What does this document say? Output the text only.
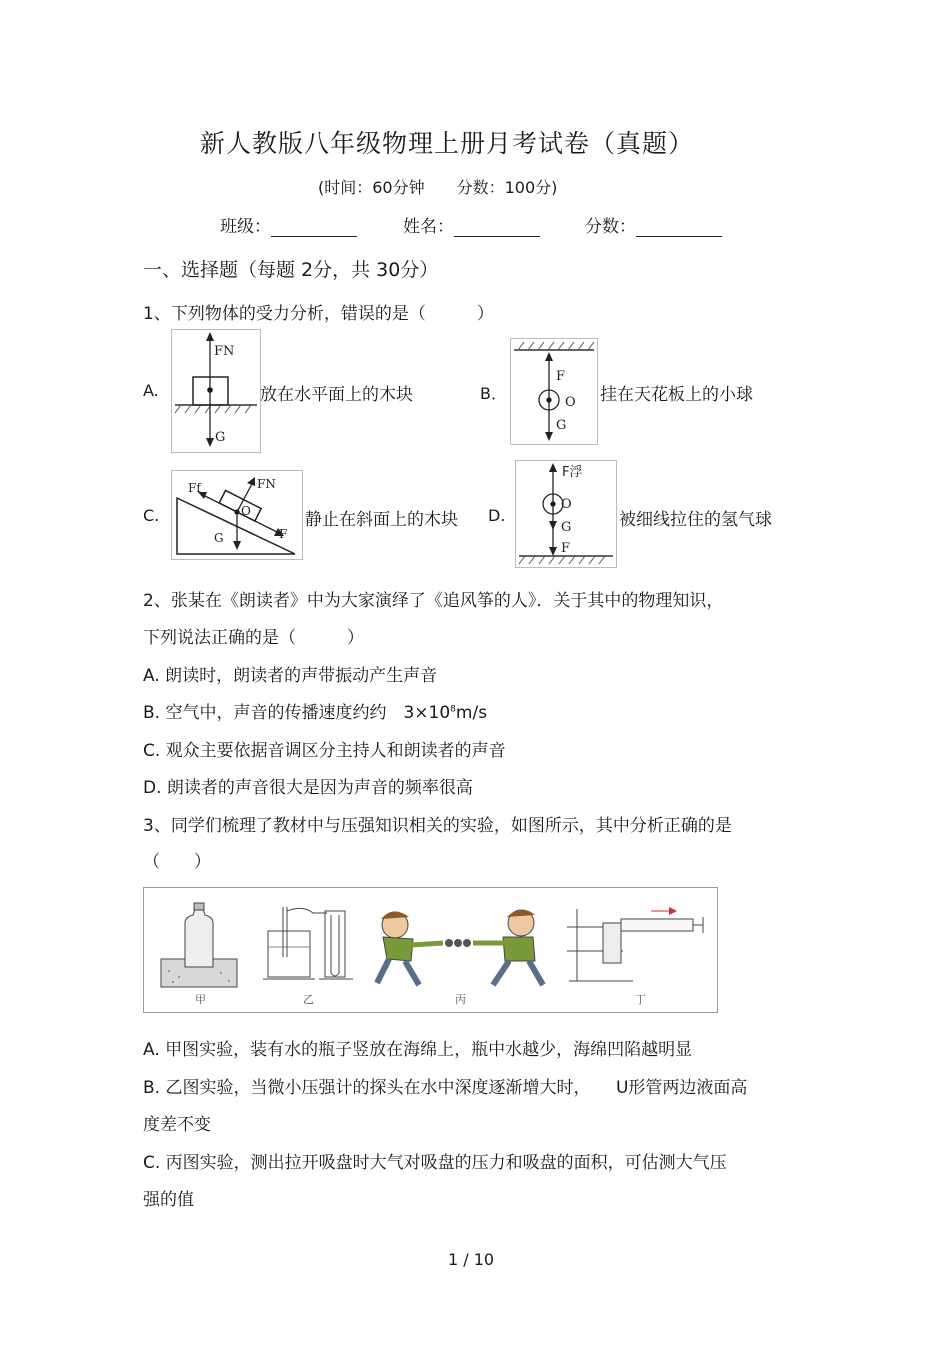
新人教版八年级物理上册月考试卷（真题）
(时间：60分钟　　分数：100分)
班级：	姓名：	分数：
一、选择题（每题 2分，共 30分）
1、下列物体的受力分析，错误的是（　　　）
A.
FN
G
放在水平面上的木块	B．
F
O
G
挂在天花板上的小球
C.
Ff	FN
O
G	F
静止在斜面上的木块 D.
F浮
O
G
F
被细线拉住的氢气球
2、张某在《朗读者》中为大家演绎了《追风筝的人》．关于其中的物理知识，
下列说法正确的是（　　　）
A. 朗读时，朗读者的声带振动产生声音
B. 空气中，声音的传播速度约约　$3\times 10^8m/s$
C. 观众主要依据音调区分主持人和朗读者的声音
D. 朗读者的声音很大是因为声音的频率很高
3、同学们梳理了教材中与压强知识相关的实验，如图所示，其中分析正确的是
（　　）
甲	乙	丙	丁
A. 甲图实验，装有水的瓶子竖放在海绵上，瓶中水越少，海绵凹陷越明显
B. 乙图实验，当微小压强计的探头在水中深度逐渐增大时，　　U形管两边液面高
度差不变
C. 丙图实验，测出拉开吸盘时大气对吸盘的压力和吸盘的面积，可估测大气压
强的值
1 / 10
